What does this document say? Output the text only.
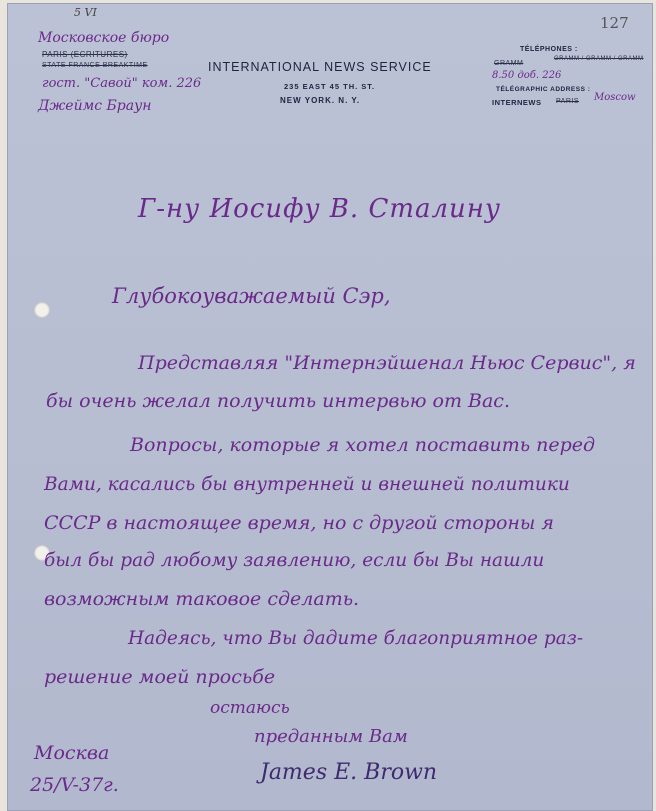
5 VI
Московское бюро
PARIS (ECRITURES)
STATE FRANCE BREAKTIME
гост. "Савой" ком. 226
Джеймс Браун
127
INTERNATIONAL NEWS SERVICE
235 EAST 45 TH. ST.
NEW YORK. N. Y.
TÉLÉPHONES :
GRAMM
GRAMM / GRAMM / GRAMM
8.50 доб. 226
TÉLÉGRAPHIC ADDRESS :
INTERNEWS PARIS Moscow
Г-ну Иосифу В. Сталину
Глубокоуважаемый Сэр,
Представляя "Интернэйшенал Ньюс Сервис", я
бы очень желал получить интервью от Вас.
Вопросы, которые я хотел поставить перед
Вами, касались бы внутренней и внешней политики
СССР в настоящее время, но с другой стороны я
был бы рад любому заявлению, если бы Вы нашли
возможным таковое сделать.
Надеясь, что Вы дадите благоприятное раз-
решение моей просьбе
остаюсь
преданным Вам
James E. Brown
Москва
25/V-37г.
